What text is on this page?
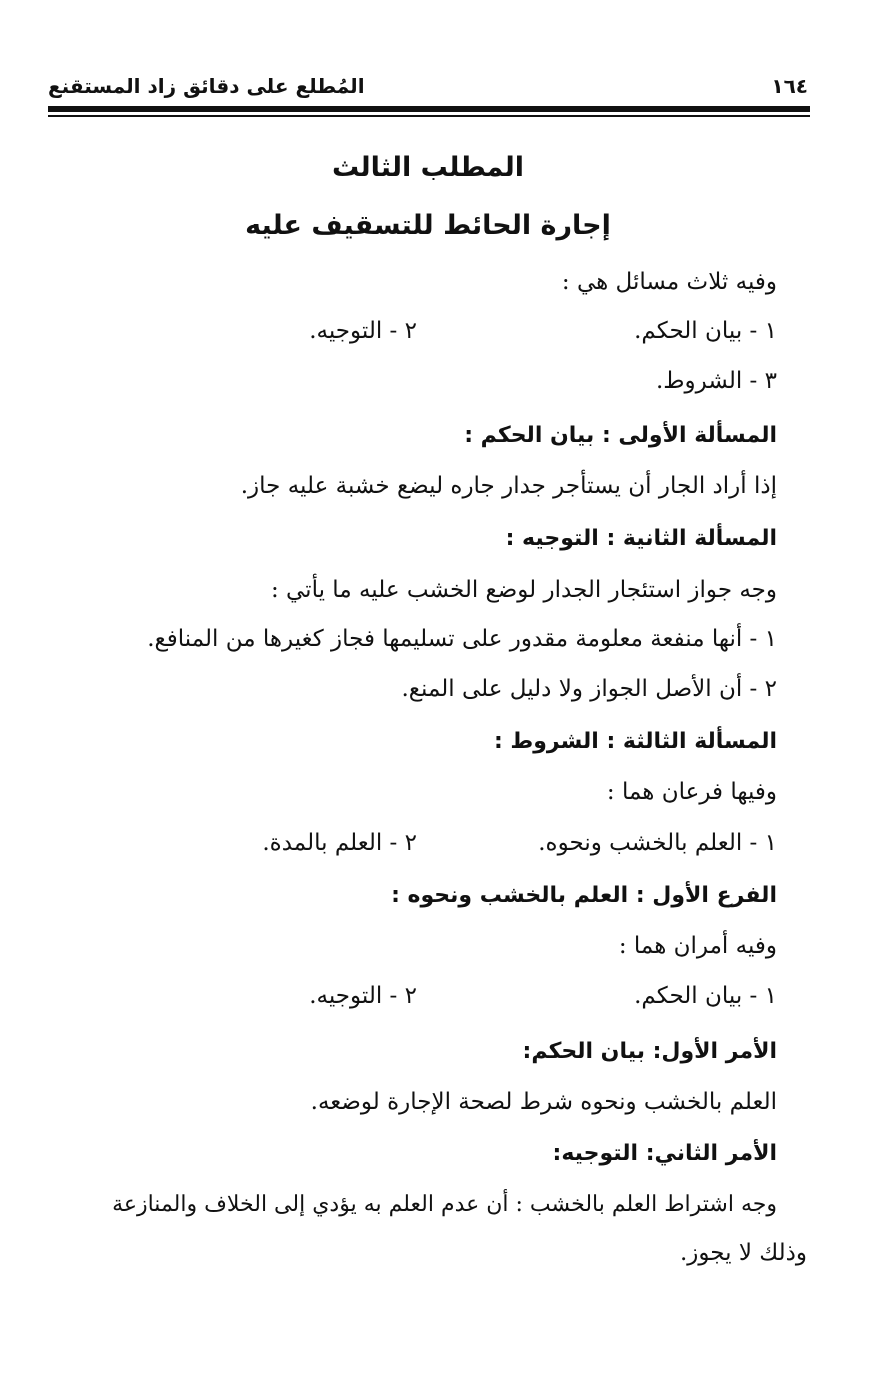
١٦٤
المُطلع على دقائق زاد المستقنع
المطلب الثالث
إجارة الحائط للتسقيف عليه
وفيه ثلاث مسائل هي :
١ - بيان الحكم.
٢ - التوجيه.
٣ - الشروط.
المسألة الأولى : بيان الحكم :
إذا أراد الجار أن يستأجر جدار جاره ليضع خشبة عليه جاز.
المسألة الثانية : التوجيه :
وجه جواز استئجار الجدار لوضع الخشب عليه ما يأتي :
١ - أنها منفعة معلومة مقدور على تسليمها فجاز كغيرها من المنافع.
٢ - أن الأصل الجواز ولا دليل على المنع.
المسألة الثالثة : الشروط :
وفيها فرعان هما :
١ - العلم بالخشب ونحوه.
٢ - العلم بالمدة.
الفرع الأول : العلم بالخشب ونحوه :
وفيه أمران هما :
١ - بيان الحكم.
٢ - التوجيه.
الأمر الأول: بيان الحكم:
العلم بالخشب ونحوه شرط لصحة الإجارة لوضعه.
الأمر الثاني: التوجيه:
وجه اشتراط العلم بالخشب : أن عدم العلم به يؤدي إلى الخلاف والمنازعة
وذلك لا يجوز.
